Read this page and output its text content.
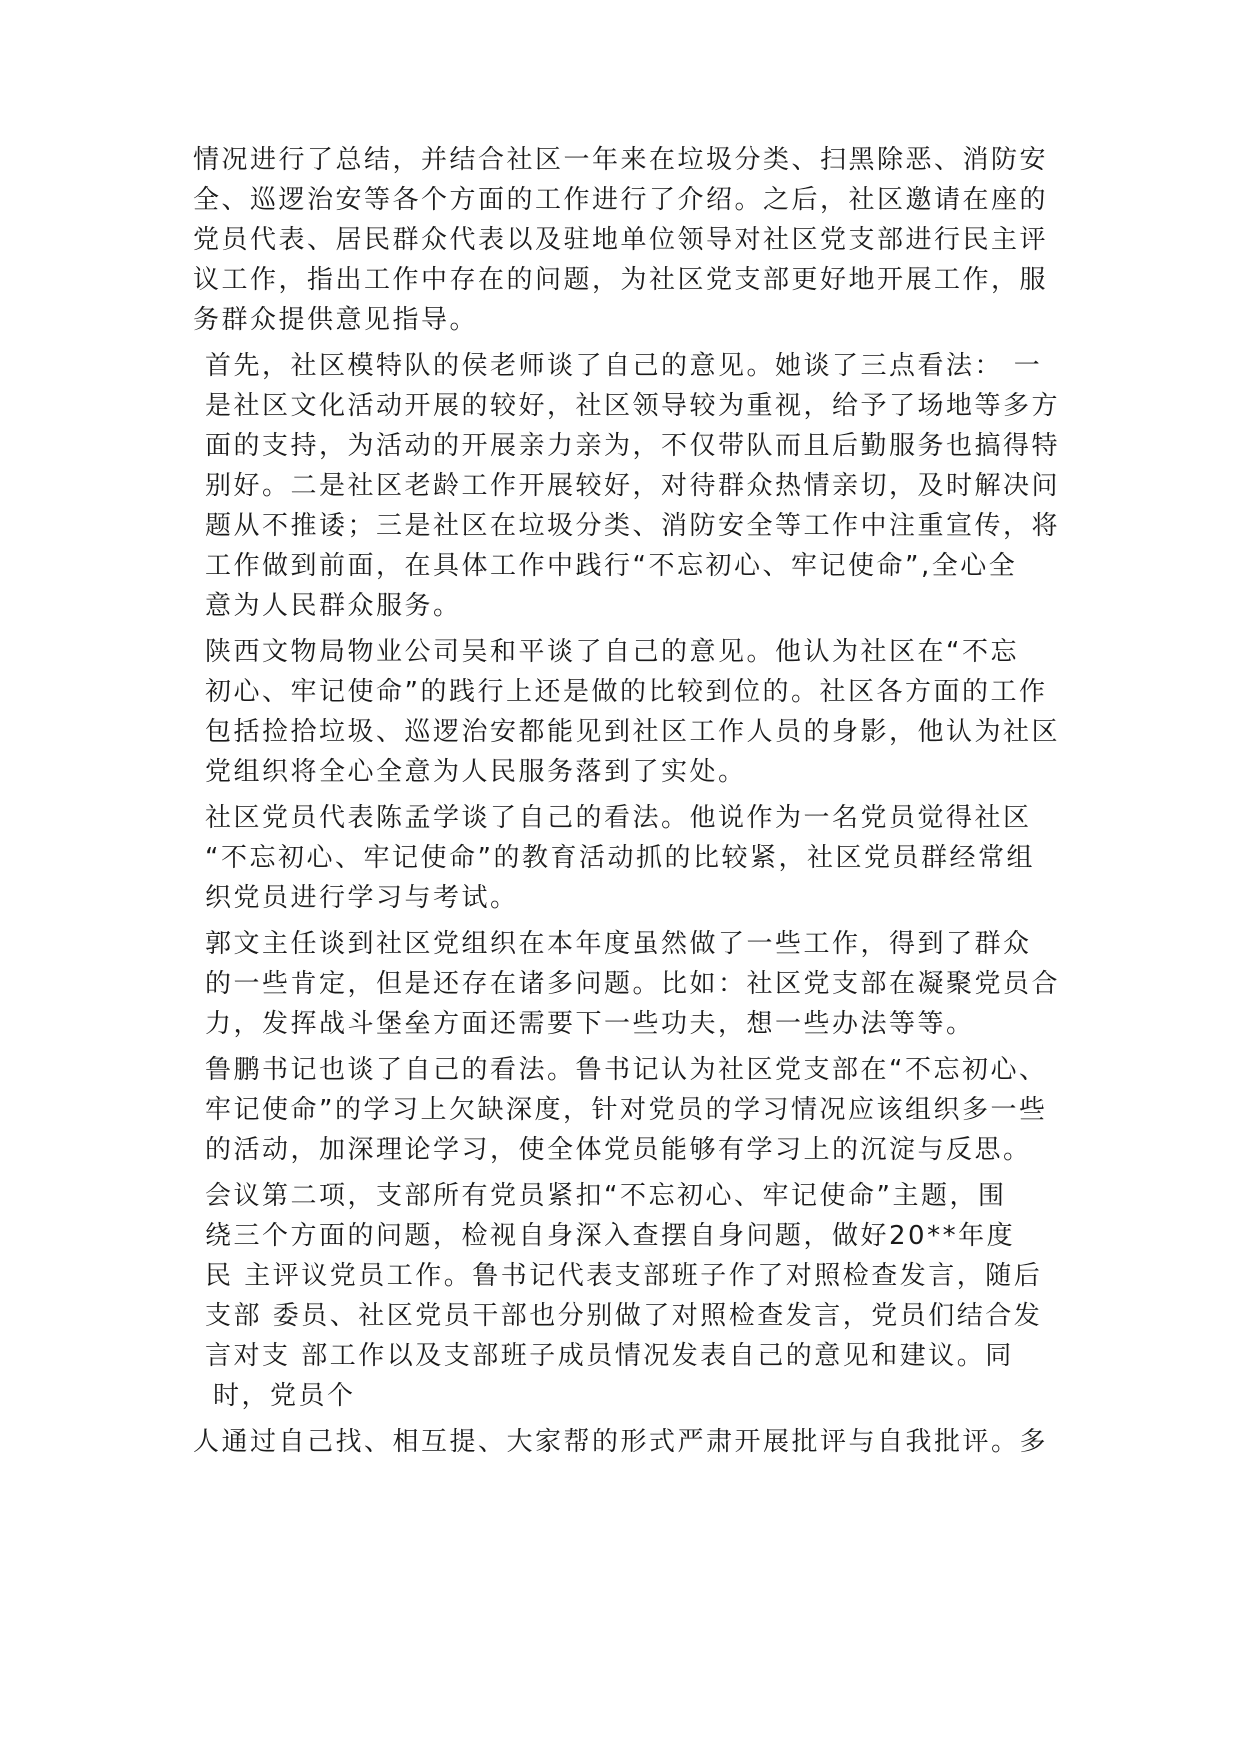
情况进行了总结，并结合社区一年来在垃圾分类、扫黑除恶、消防安
全、巡逻治安等各个方面的工作进行了介绍。之后，社区邀请在座的
党员代表、居民群众代表以及驻地单位领导对社区党支部进行民主评
议工作，指出工作中存在的问题，为社区党支部更好地开展工作，服
务群众提供意见指导。

首先，社区模特队的侯老师谈了自己的意见。她谈了三点看法： 一
是社区文化活动开展的较好，社区领导较为重视，给予了场地等多方
面的支持，为活动的开展亲力亲为，不仅带队而且后勤服务也搞得特
别好。二是社区老龄工作开展较好，对待群众热情亲切，及时解决问
题从不推诿；三是社区在垃圾分类、消防安全等工作中注重宣传，将
工作做到前面，在具体工作中践行“不忘初心、牢记使命”,全心全
意为人民群众服务。

陕西文物局物业公司吴和平谈了自己的意见。他认为社区在“不忘
初心、牢记使命”的践行上还是做的比较到位的。社区各方面的工作
包括捡拾垃圾、巡逻治安都能见到社区工作人员的身影，他认为社区
党组织将全心全意为人民服务落到了实处。

社区党员代表陈孟学谈了自己的看法。他说作为一名党员觉得社区
“不忘初心、牢记使命”的教育活动抓的比较紧，社区党员群经常组
织党员进行学习与考试。

郭文主任谈到社区党组织在本年度虽然做了一些工作，得到了群众
的一些肯定，但是还存在诸多问题。比如：社区党支部在凝聚党员合
力，发挥战斗堡垒方面还需要下一些功夫，想一些办法等等。

鲁鹏书记也谈了自己的看法。鲁书记认为社区党支部在“不忘初心、
牢记使命”的学习上欠缺深度，针对党员的学习情况应该组织多一些
的活动，加深理论学习，使全体党员能够有学习上的沉淀与反思。

会议第二项，支部所有党员紧扣“不忘初心、牢记使命”主题，围
绕三个方面的问题，检视自身深入查摆自身问题，做好20**年度
民 主评议党员工作。鲁书记代表支部班子作了对照检查发言，随后
支部 委员、社区党员干部也分别做了对照检查发言，党员们结合发
言对支 部工作以及支部班子成员情况发表自己的意见和建议。同
时，党员个

人通过自己找、相互提、大家帮的形式严肃开展批评与自我批评。多
